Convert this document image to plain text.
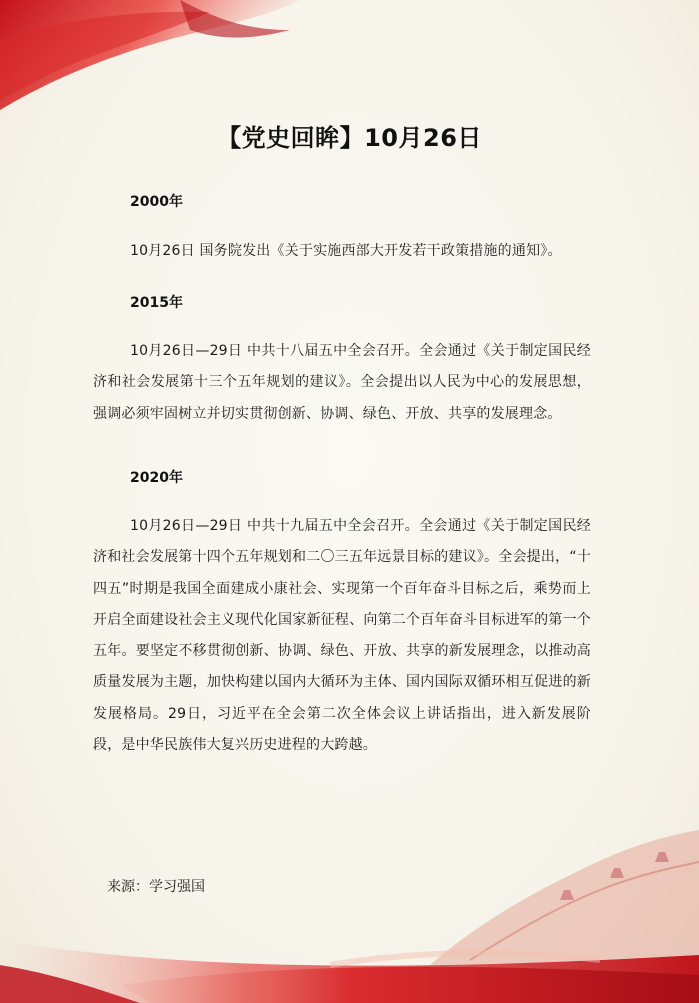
【党史回眸】10月26日
2000年
10月26日 国务院发出《关于实施西部大开发若干政策措施的通知》。
2015年
10月26日—29日 中共十八届五中全会召开。全会通过《关于制定国民经济和社会发展第十三个五年规划的建议》。全会提出以人民为中心的发展思想，强调必须牢固树立并切实贯彻创新、协调、绿色、开放、共享的发展理念。
2020年
10月26日—29日 中共十九届五中全会召开。全会通过《关于制定国民经济和社会发展第十四个五年规划和二〇三五年远景目标的建议》。全会提出，“十四五”时期是我国全面建成小康社会、实现第一个百年奋斗目标之后，乘势而上开启全面建设社会主义现代化国家新征程、向第二个百年奋斗目标进军的第一个五年。要坚定不移贯彻创新、协调、绿色、开放、共享的新发展理念，以推动高质量发展为主题，加快构建以国内大循环为主体、国内国际双循环相互促进的新发展格局。29日，习近平在全会第二次全体会议上讲话指出，进入新发展阶段，是中华民族伟大复兴历史进程的大跨越。
来源：学习强国
